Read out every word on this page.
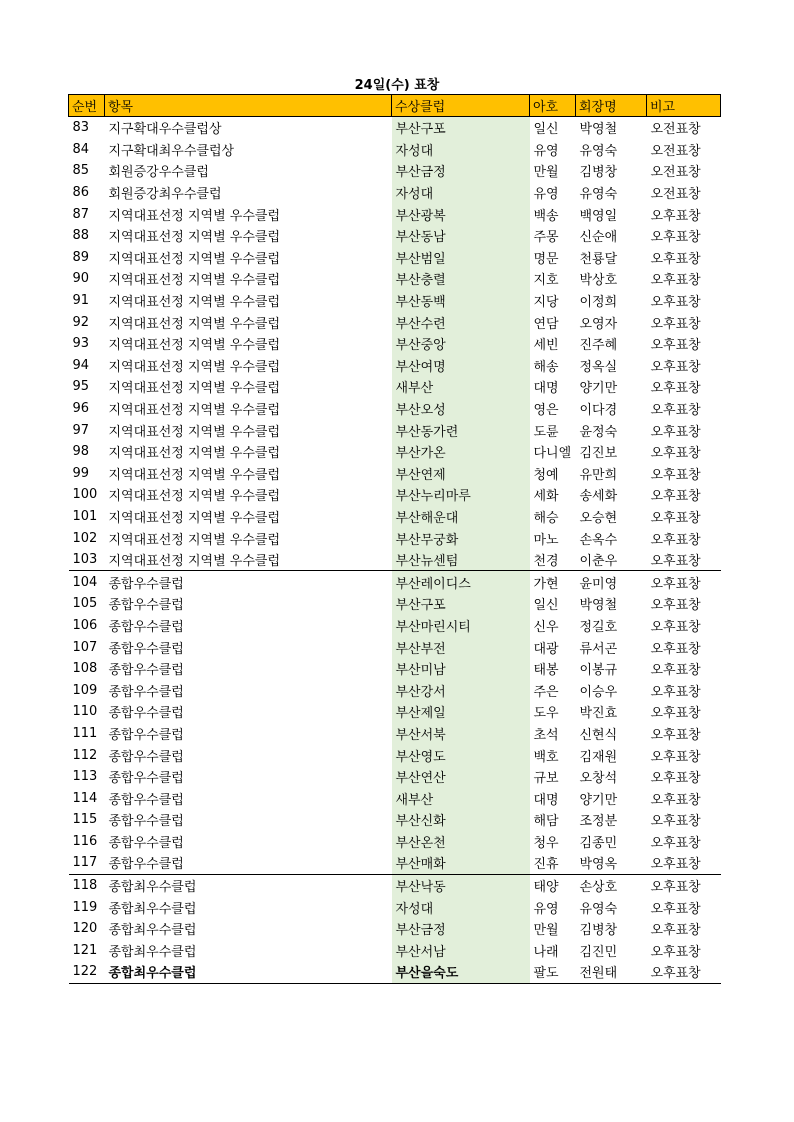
24일(수) 표창
순번	항목	수상클럽	아호	회장명	비고
83	지구확대우수클럽상	부산구포	일신	박영철	오전표창
84	지구확대최우수클럽상	자성대	유영	유영숙	오전표창
85	회원증강우수클럽	부산금정	만월	김병창	오전표창
86	회원증강최우수클럽	자성대	유영	유영숙	오전표창
87	지역대표선정 지역별 우수클럽	부산광복	백송	백영일	오후표창
88	지역대표선정 지역별 우수클럽	부산동남	주몽	신순애	오후표창
89	지역대표선정 지역별 우수클럽	부산범일	명문	천룡달	오후표창
90	지역대표선정 지역별 우수클럽	부산충렬	지호	박상호	오후표창
91	지역대표선정 지역별 우수클럽	부산동백	지당	이정희	오후표창
92	지역대표선정 지역별 우수클럽	부산수련	연담	오영자	오후표창
93	지역대표선정 지역별 우수클럽	부산중앙	세빈	진주혜	오후표창
94	지역대표선정 지역별 우수클럽	부산여명	해송	정옥실	오후표창
95	지역대표선정 지역별 우수클럽	새부산	대명	양기만	오후표창
96	지역대표선정 지역별 우수클럽	부산오성	영은	이다경	오후표창
97	지역대표선정 지역별 우수클럽	부산동가련	도륜	윤정숙	오후표창
98	지역대표선정 지역별 우수클럽	부산가온	다니엘	김진보	오후표창
99	지역대표선정 지역별 우수클럽	부산연제	청예	유만희	오후표창
100	지역대표선정 지역별 우수클럽	부산누리마루	세화	송세화	오후표창
101	지역대표선정 지역별 우수클럽	부산해운대	해승	오승현	오후표창
102	지역대표선정 지역별 우수클럽	부산무궁화	마노	손옥수	오후표창
103	지역대표선정 지역별 우수클럽	부산뉴센텀	천경	이춘우	오후표창
104	종합우수클럽	부산레이디스	가현	윤미영	오후표창
105	종합우수클럽	부산구포	일신	박영철	오후표창
106	종합우수클럽	부산마린시티	신우	정길호	오후표창
107	종합우수클럽	부산부전	대광	류서곤	오후표창
108	종합우수클럽	부산미남	태봉	이봉규	오후표창
109	종합우수클럽	부산강서	주은	이승우	오후표창
110	종합우수클럽	부산제일	도우	박진효	오후표창
111	종합우수클럽	부산서북	초석	신현식	오후표창
112	종합우수클럽	부산영도	백호	김재원	오후표창
113	종합우수클럽	부산연산	규보	오창석	오후표창
114	종합우수클럽	새부산	대명	양기만	오후표창
115	종합우수클럽	부산신화	해담	조정분	오후표창
116	종합우수클럽	부산온천	청우	김종민	오후표창
117	종합우수클럽	부산매화	진휴	박영옥	오후표창
118	종합최우수클럽	부산낙동	태양	손상호	오후표창
119	종합최우수클럽	자성대	유영	유영숙	오후표창
120	종합최우수클럽	부산금정	만월	김병창	오후표창
121	종합최우수클럽	부산서남	나래	김진민	오후표창
122	종합최우수클럽	부산을숙도	팔도	전원태	오후표창
